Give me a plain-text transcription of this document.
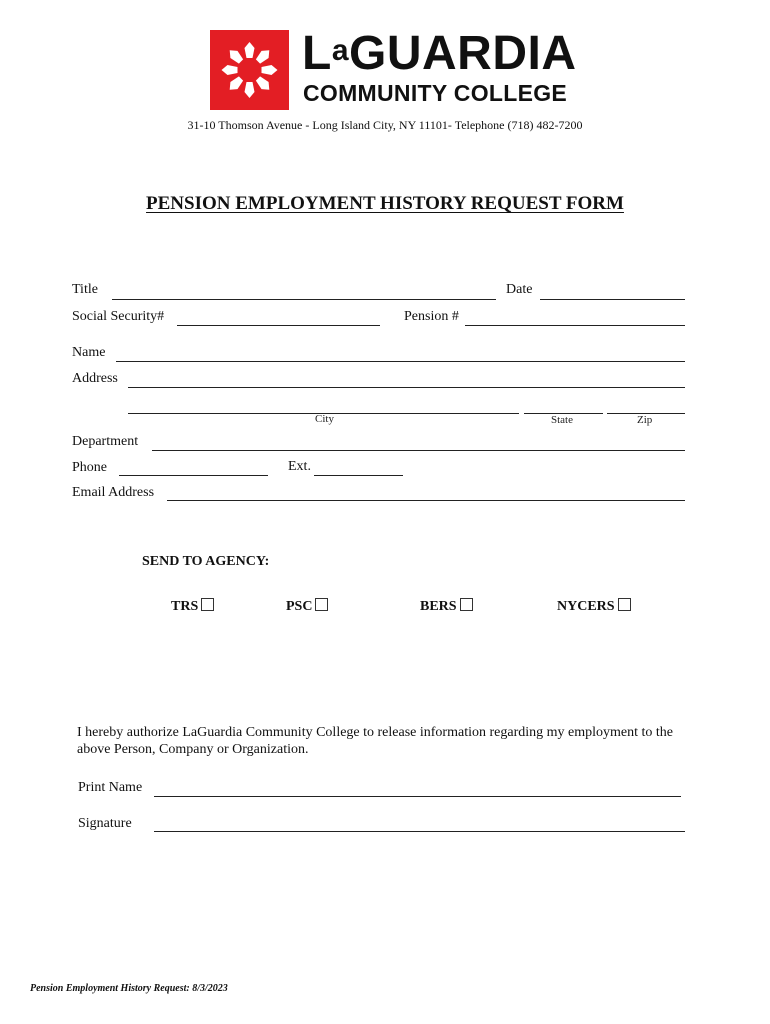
$L^aGUARDIA$
COMMUNITY COLLEGE
31-10 Thomson Avenue - Long Island City, NY 11101- Telephone (718) 482-7200
PENSION EMPLOYMENT HISTORY REQUEST FORM
Title	Date
Social Security#	Pension #
Name
Address
City	State	Zip
Department
Phone	Ext.
Email Address
SEND TO AGENCY:
TRS	PSC	BERS	NYCERS
I hereby authorize LaGuardia Community College to release information regarding my employment to the above Person, Company or Organization.
Print Name
Signature
Pension Employment History Request: 8/3/2023
